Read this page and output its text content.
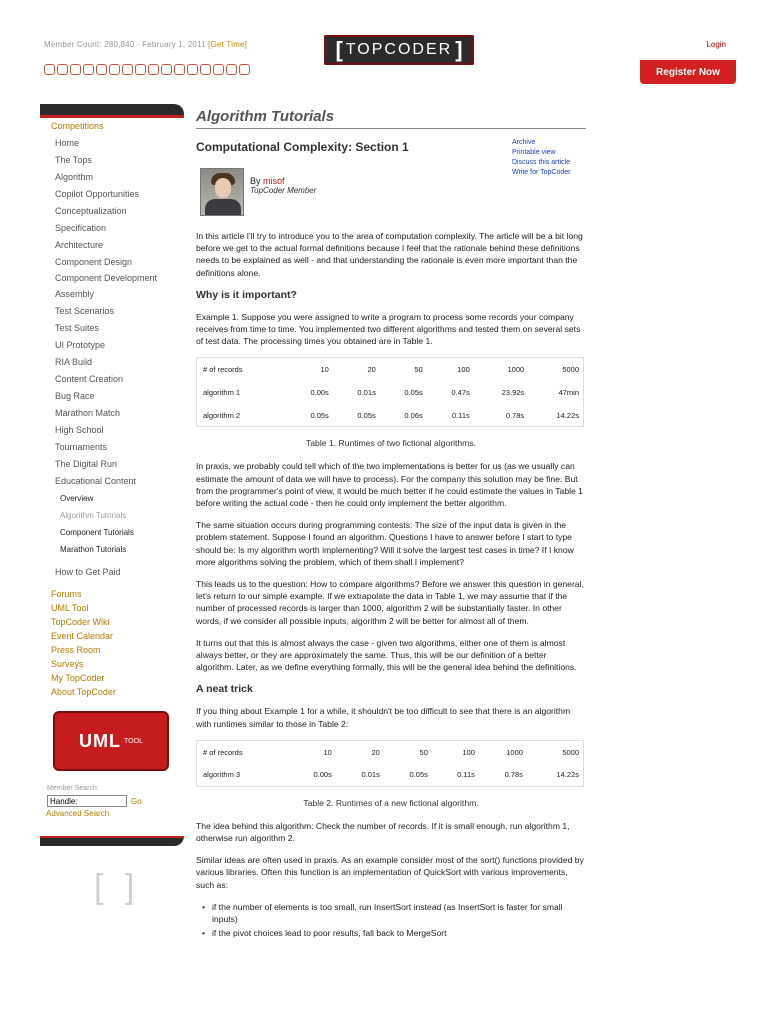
Member Count: 280,840 - February 1, 2011 [Get Time]	[ TOPCODER ]	Login
Register Now
Competitions
Home
The Tops
Algorithm
Copilot Opportunities
Conceptualization
Specification
Architecture
Component Design
Component Development
Assembly
Test Scenarios
Test Suites
UI Prototype
RIA Build
Content Creation
Bug Race
Marathon Match
High School
Tournaments
The Digital Run
Educational Content
Overview
Algorithm Tutorials
Component Tutorials
Marathon Tutorials
How to Get Paid
Forums
UML Tool
TopCoder Wiki
Event Calendar
Press Room
Surveys
My TopCoder
About TopCoder
UML TOOL
Member Search:
Handle:
Go
Advanced Search
[ ]
Algorithm Tutorials
Computational Complexity: Section 1	Archive
Printable view
Discuss this article
Write for TopCoder
By misof
TopCoder Member

In this article I'll try to introduce you to the area of computation complexity. The article will be a bit long before we get to the actual formal definitions because I feel that the rationale behind these definitions needs to be explained as well - and that understanding the rationale is even more important than the definitions alone.

Why is it important?

Example 1. Suppose you were assigned to write a program to process some records your company receives from time to time. You implemented two different algorithms and tested them on several sets of test data. The processing times you obtained are in Table 1.

# of records	10	20	50	100	1000	5000
algorithm 1	0.00s	0.01s	0.05s	0.47s	23.92s	47min
algorithm 2	0.05s	0.05s	0.06s	0.11s	0.78s	14.22s
Table 1. Runtimes of two fictional algorithms.

In praxis, we probably could tell which of the two implementations is better for us (as we usually can estimate the amount of data we will have to process). For the company this solution may be fine. But from the programmer's point of view, it would be much better if he could estimate the values in Table 1 before writing the actual code - then he could only implement the better algorithm.

The same situation occurs during programming contests: The size of the input data is given in the problem statement. Suppose I found an algorithm. Questions I have to answer before I start to type should be: Is my algorithm worth implementing? Will it solve the largest test cases in time? If I know more algorithms solving the problem, which of them shall I implement?

This leads us to the question: How to compare algorithms? Before we answer this question in general, let's return to our simple example. If we extrapolate the data in Table 1, we may assume that if the number of processed records is larger than 1000, algorithm 2 will be substantially faster. In other words, if we consider all possible inputs, algorithm 2 will be better for almost all of them.

It turns out that this is almost always the case - given two algorithms, either one of them is almost always better, or they are approximately the same. Thus, this will be our definition of a better algorithm. Later, as we define everything formally, this will be the general idea behind the definitions.

A neat trick

If you thing about Example 1 for a while, it shouldn't be too difficult to see that there is an algorithm with runtimes similar to those in Table 2:

# of records	10	20	50	100	1000	5000
algorithm 3	0.00s	0.01s	0.05s	0.11s	0.78s	14.22s
Table 2. Runtimes of a new fictional algorithm.

The idea behind this algorithm: Check the number of records. If it is small enough, run algorithm 1, otherwise run algorithm 2.

Similar ideas are often used in praxis. As an example consider most of the sort() functions provided by various libraries. Often this function is an implementation of QuickSort with various improvements, such as:

• if the number of elements is too small, run InsertSort instead (as InsertSort is faster for small inputs)
• if the pivot choices lead to poor results, fall back to MergeSort
